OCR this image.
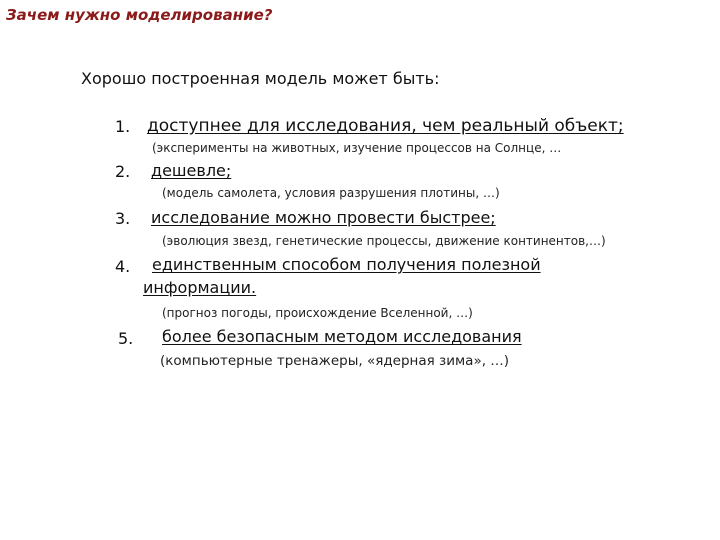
Зачем нужно моделирование?
Хорошо построенная модель может быть:
1. доступнее для исследования, чем реальный объект;
(эксперименты на животных, изучение процессов на Солнце, …
2. дешевле;
(модель самолета, условия разрушения плотины, …)
3. исследование можно провести быстрее;
(эволюция звезд, генетические процессы, движение континентов,…)
4. единственным способом получения полезной
информации.
(прогноз погоды, происхождение Вселенной, …)
5. более безопасным методом исследования
(компьютерные тренажеры, «ядерная зима», …)
